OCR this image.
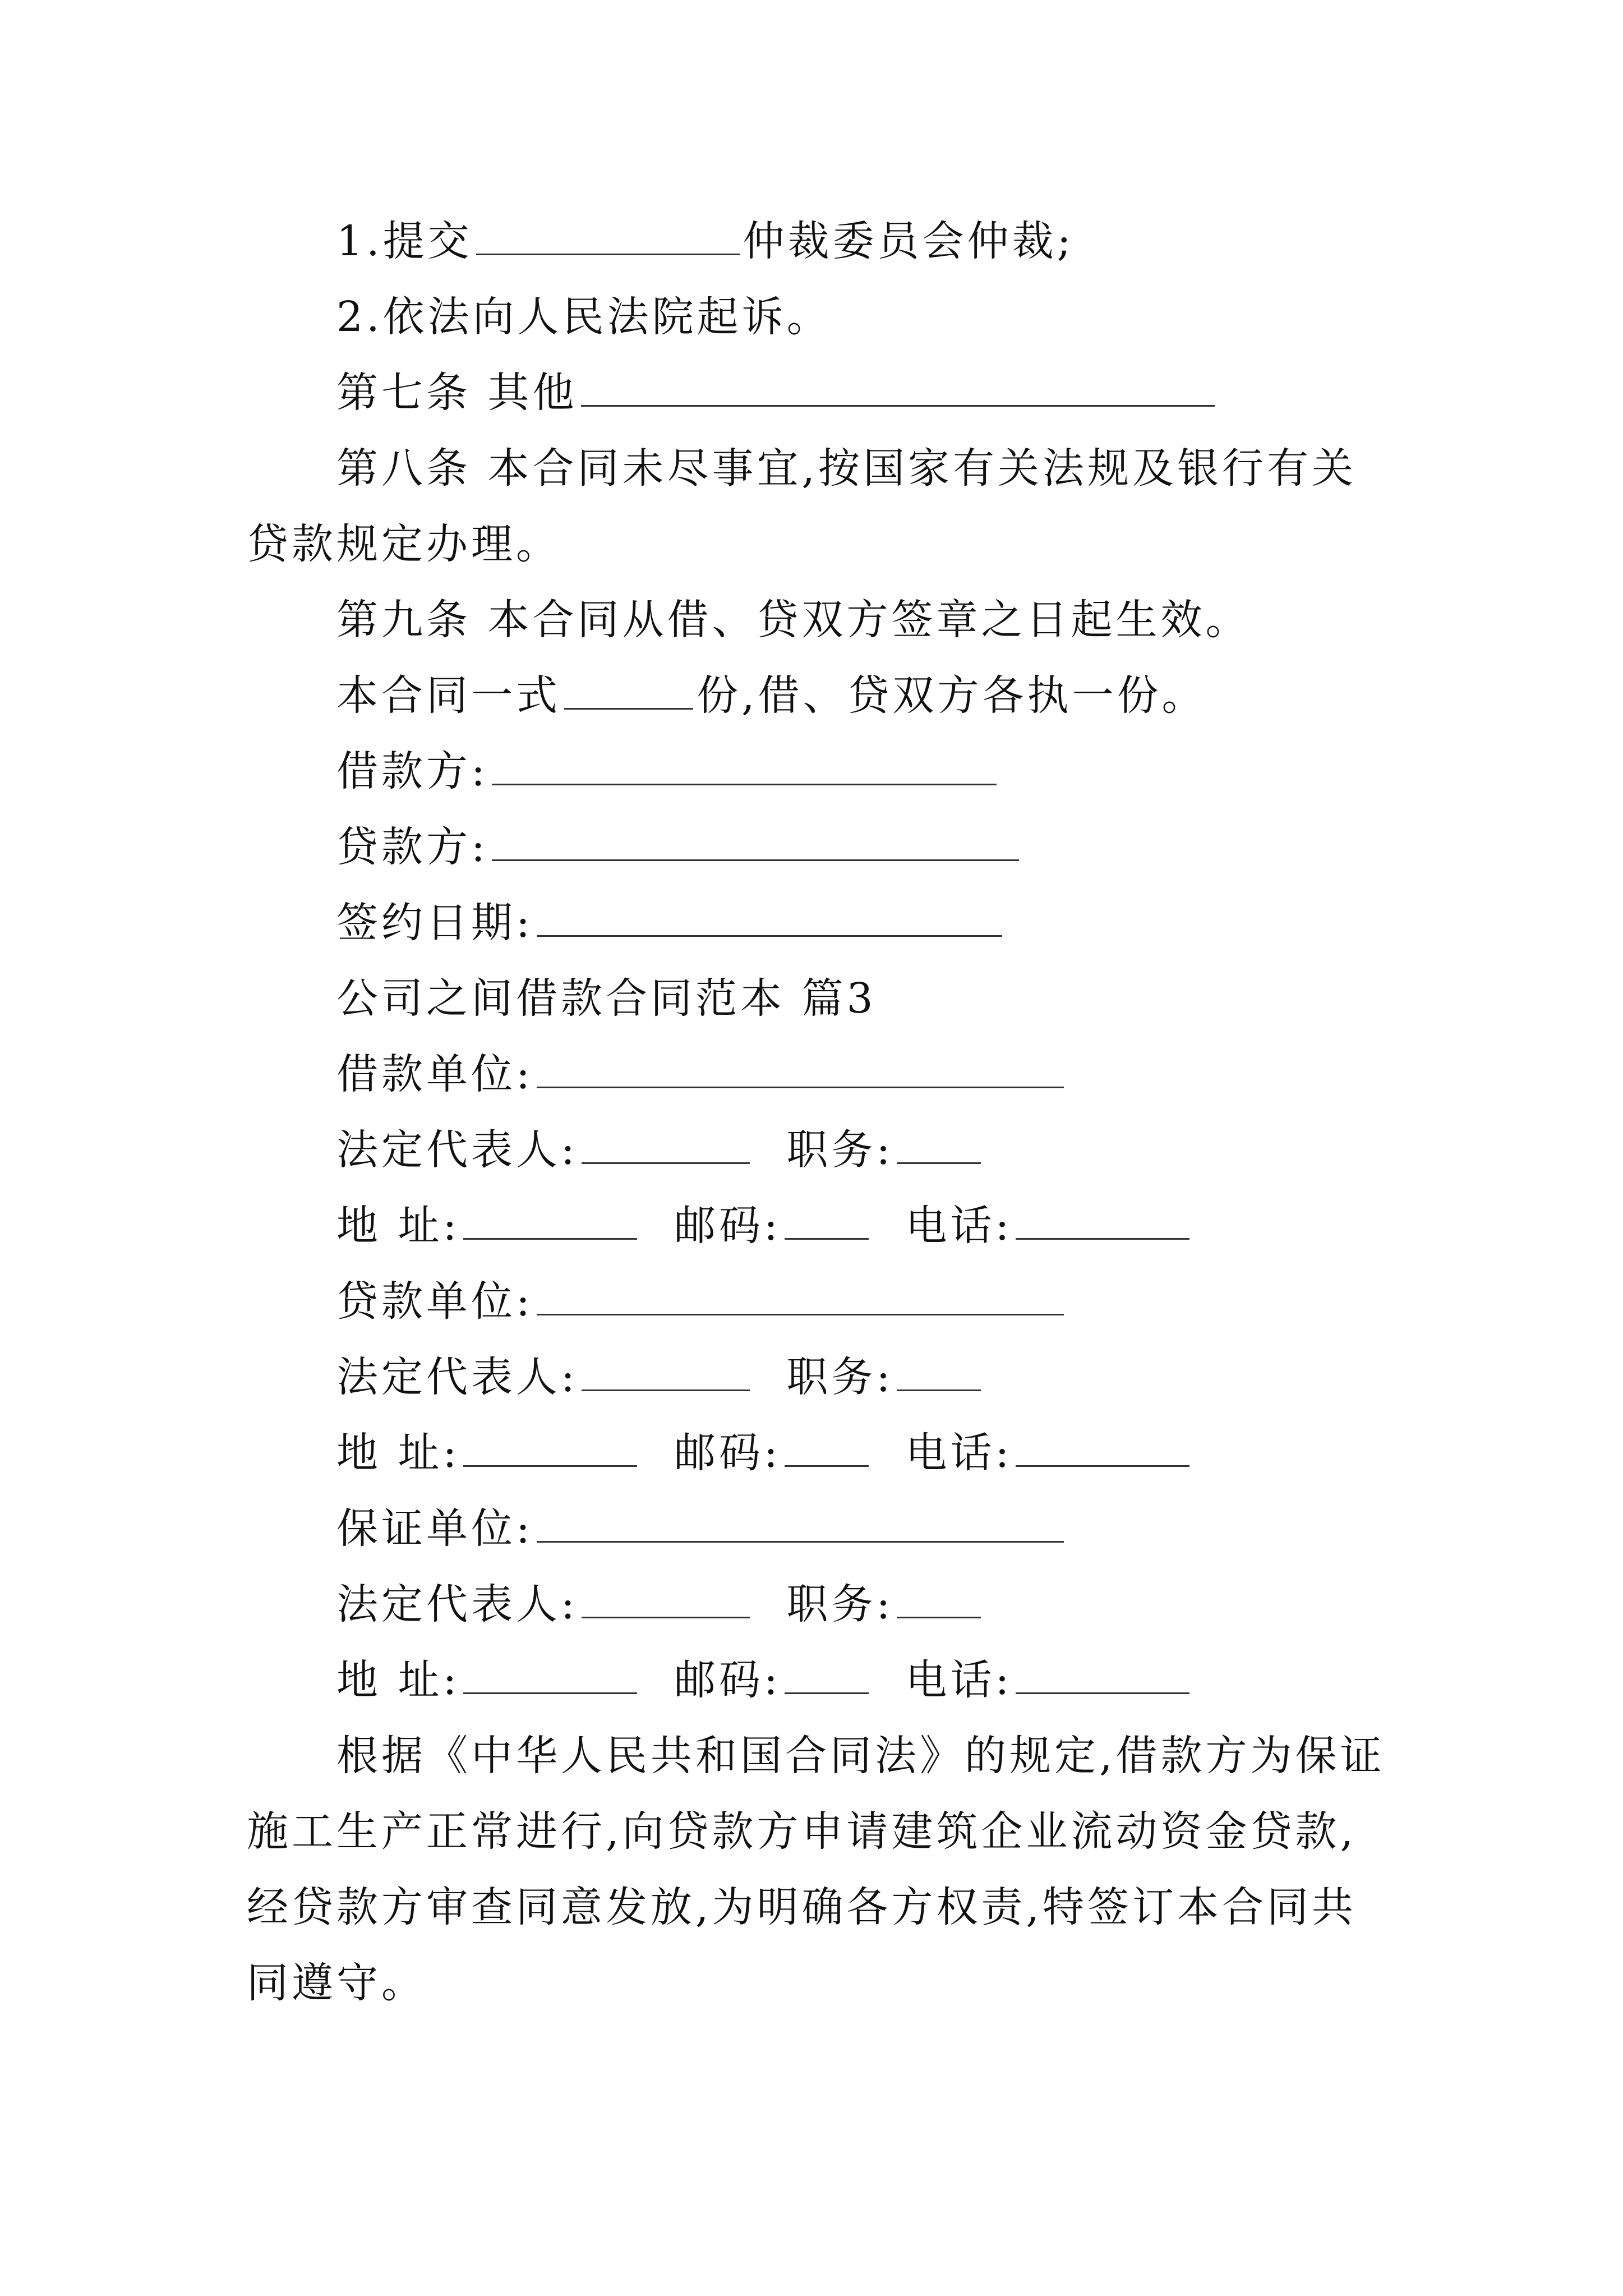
1.提交	仲裁委员会仲裁;
2.依法向人民法院起诉。
第七条 其他
第八条 本合同未尽事宜,按国家有关法规及银行有关
贷款规定办理。
第九条 本合同从借、贷双方签章之日起生效。
本合同一式	份,借、贷双方各执一份。
借款方:
贷款方:
签约日期:
公司之间借款合同范本 篇3
借款单位:
法定代表人:	职务:
地 址:	邮码:	电话:
贷款单位:
法定代表人:	职务:
地 址:	邮码:	电话:
保证单位:
法定代表人:	职务:
地 址:	邮码:	电话:
根据《中华人民共和国合同法》的规定,借款方为保证
施工生产正常进行,向贷款方申请建筑企业流动资金贷款,
经贷款方审查同意发放,为明确各方权责,特签订本合同共
同遵守。
